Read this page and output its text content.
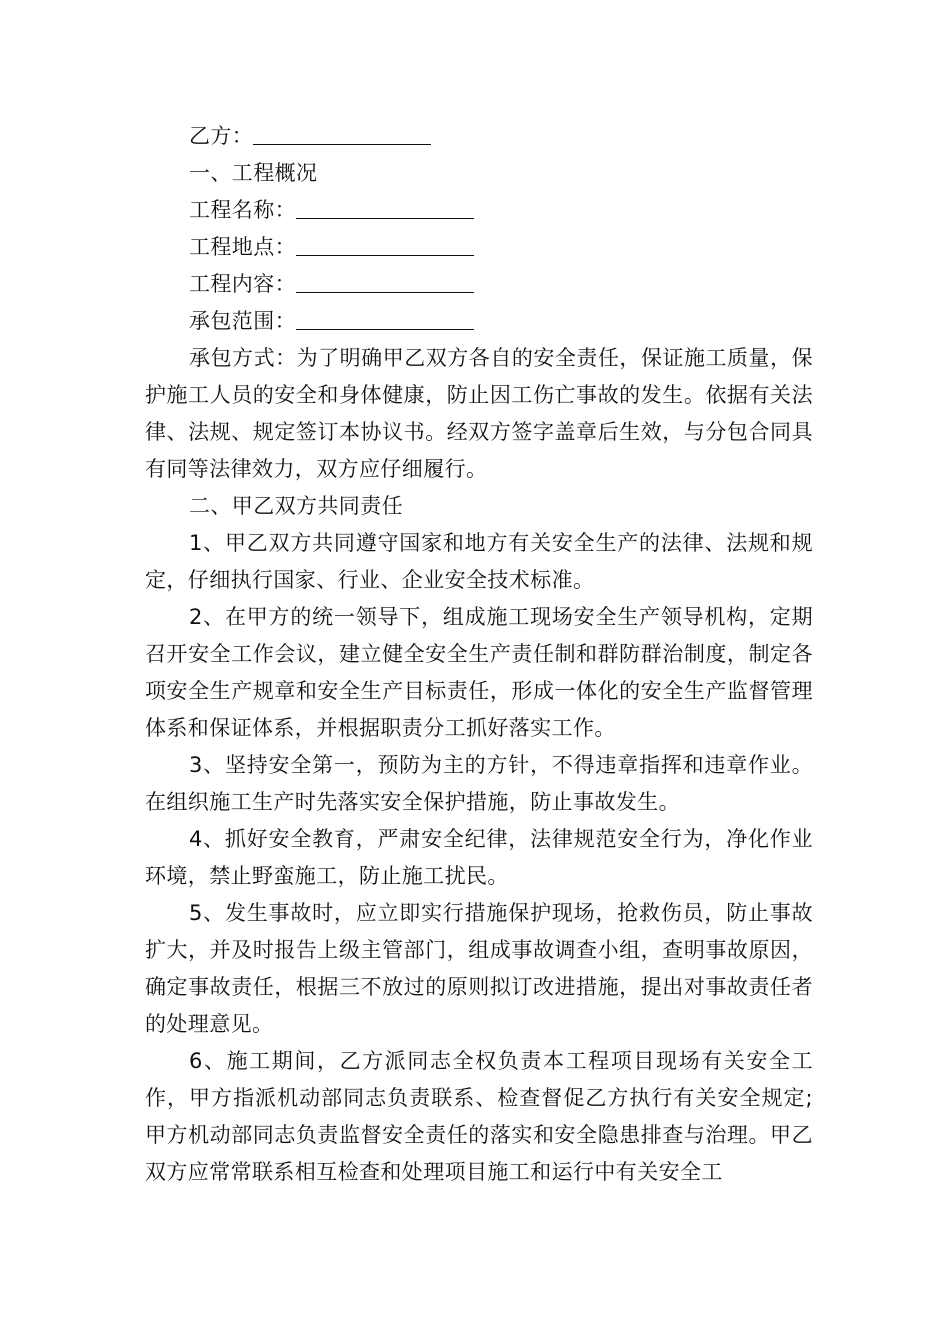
乙方：
一、工程概况
工程名称：
工程地点：
工程内容：
承包范围：

承包方式：为了明确甲乙双方各自的安全责任，保证施工质量，保护施工人员的安全和身体健康，防止因工伤亡事故的发生。依据有关法律、法规、规定签订本协议书。经双方签字盖章后生效，与分包合同具有同等法律效力，双方应仔细履行。

二、甲乙双方共同责任

1、甲乙双方共同遵守国家和地方有关安全生产的法律、法规和规定，仔细执行国家、行业、企业安全技术标准。

2、在甲方的统一领导下，组成施工现场安全生产领导机构，定期召开安全工作会议，建立健全安全生产责任制和群防群治制度，制定各项安全生产规章和安全生产目标责任，形成一体化的安全生产监督管理体系和保证体系，并根据职责分工抓好落实工作。

3、坚持安全第一，预防为主的方针，不得违章指挥和违章作业。在组织施工生产时先落实安全保护措施，防止事故发生。

4、抓好安全教育，严肃安全纪律，法律规范安全行为，净化作业环境，禁止野蛮施工，防止施工扰民。

5、发生事故时，应立即实行措施保护现场，抢救伤员，防止事故扩大，并及时报告上级主管部门，组成事故调查小组，查明事故原因，确定事故责任，根据三不放过的原则拟订改进措施，提出对事故责任者的处理意见。

6、施工期间，乙方派同志全权负责本工程项目现场有关安全工作，甲方指派机动部同志负责联系、检查督促乙方执行有关安全规定;甲方机动部同志负责监督安全责任的落实和安全隐患排查与治理。甲乙双方应常常联系相互检查和处理项目施工和运行中有关安全工
